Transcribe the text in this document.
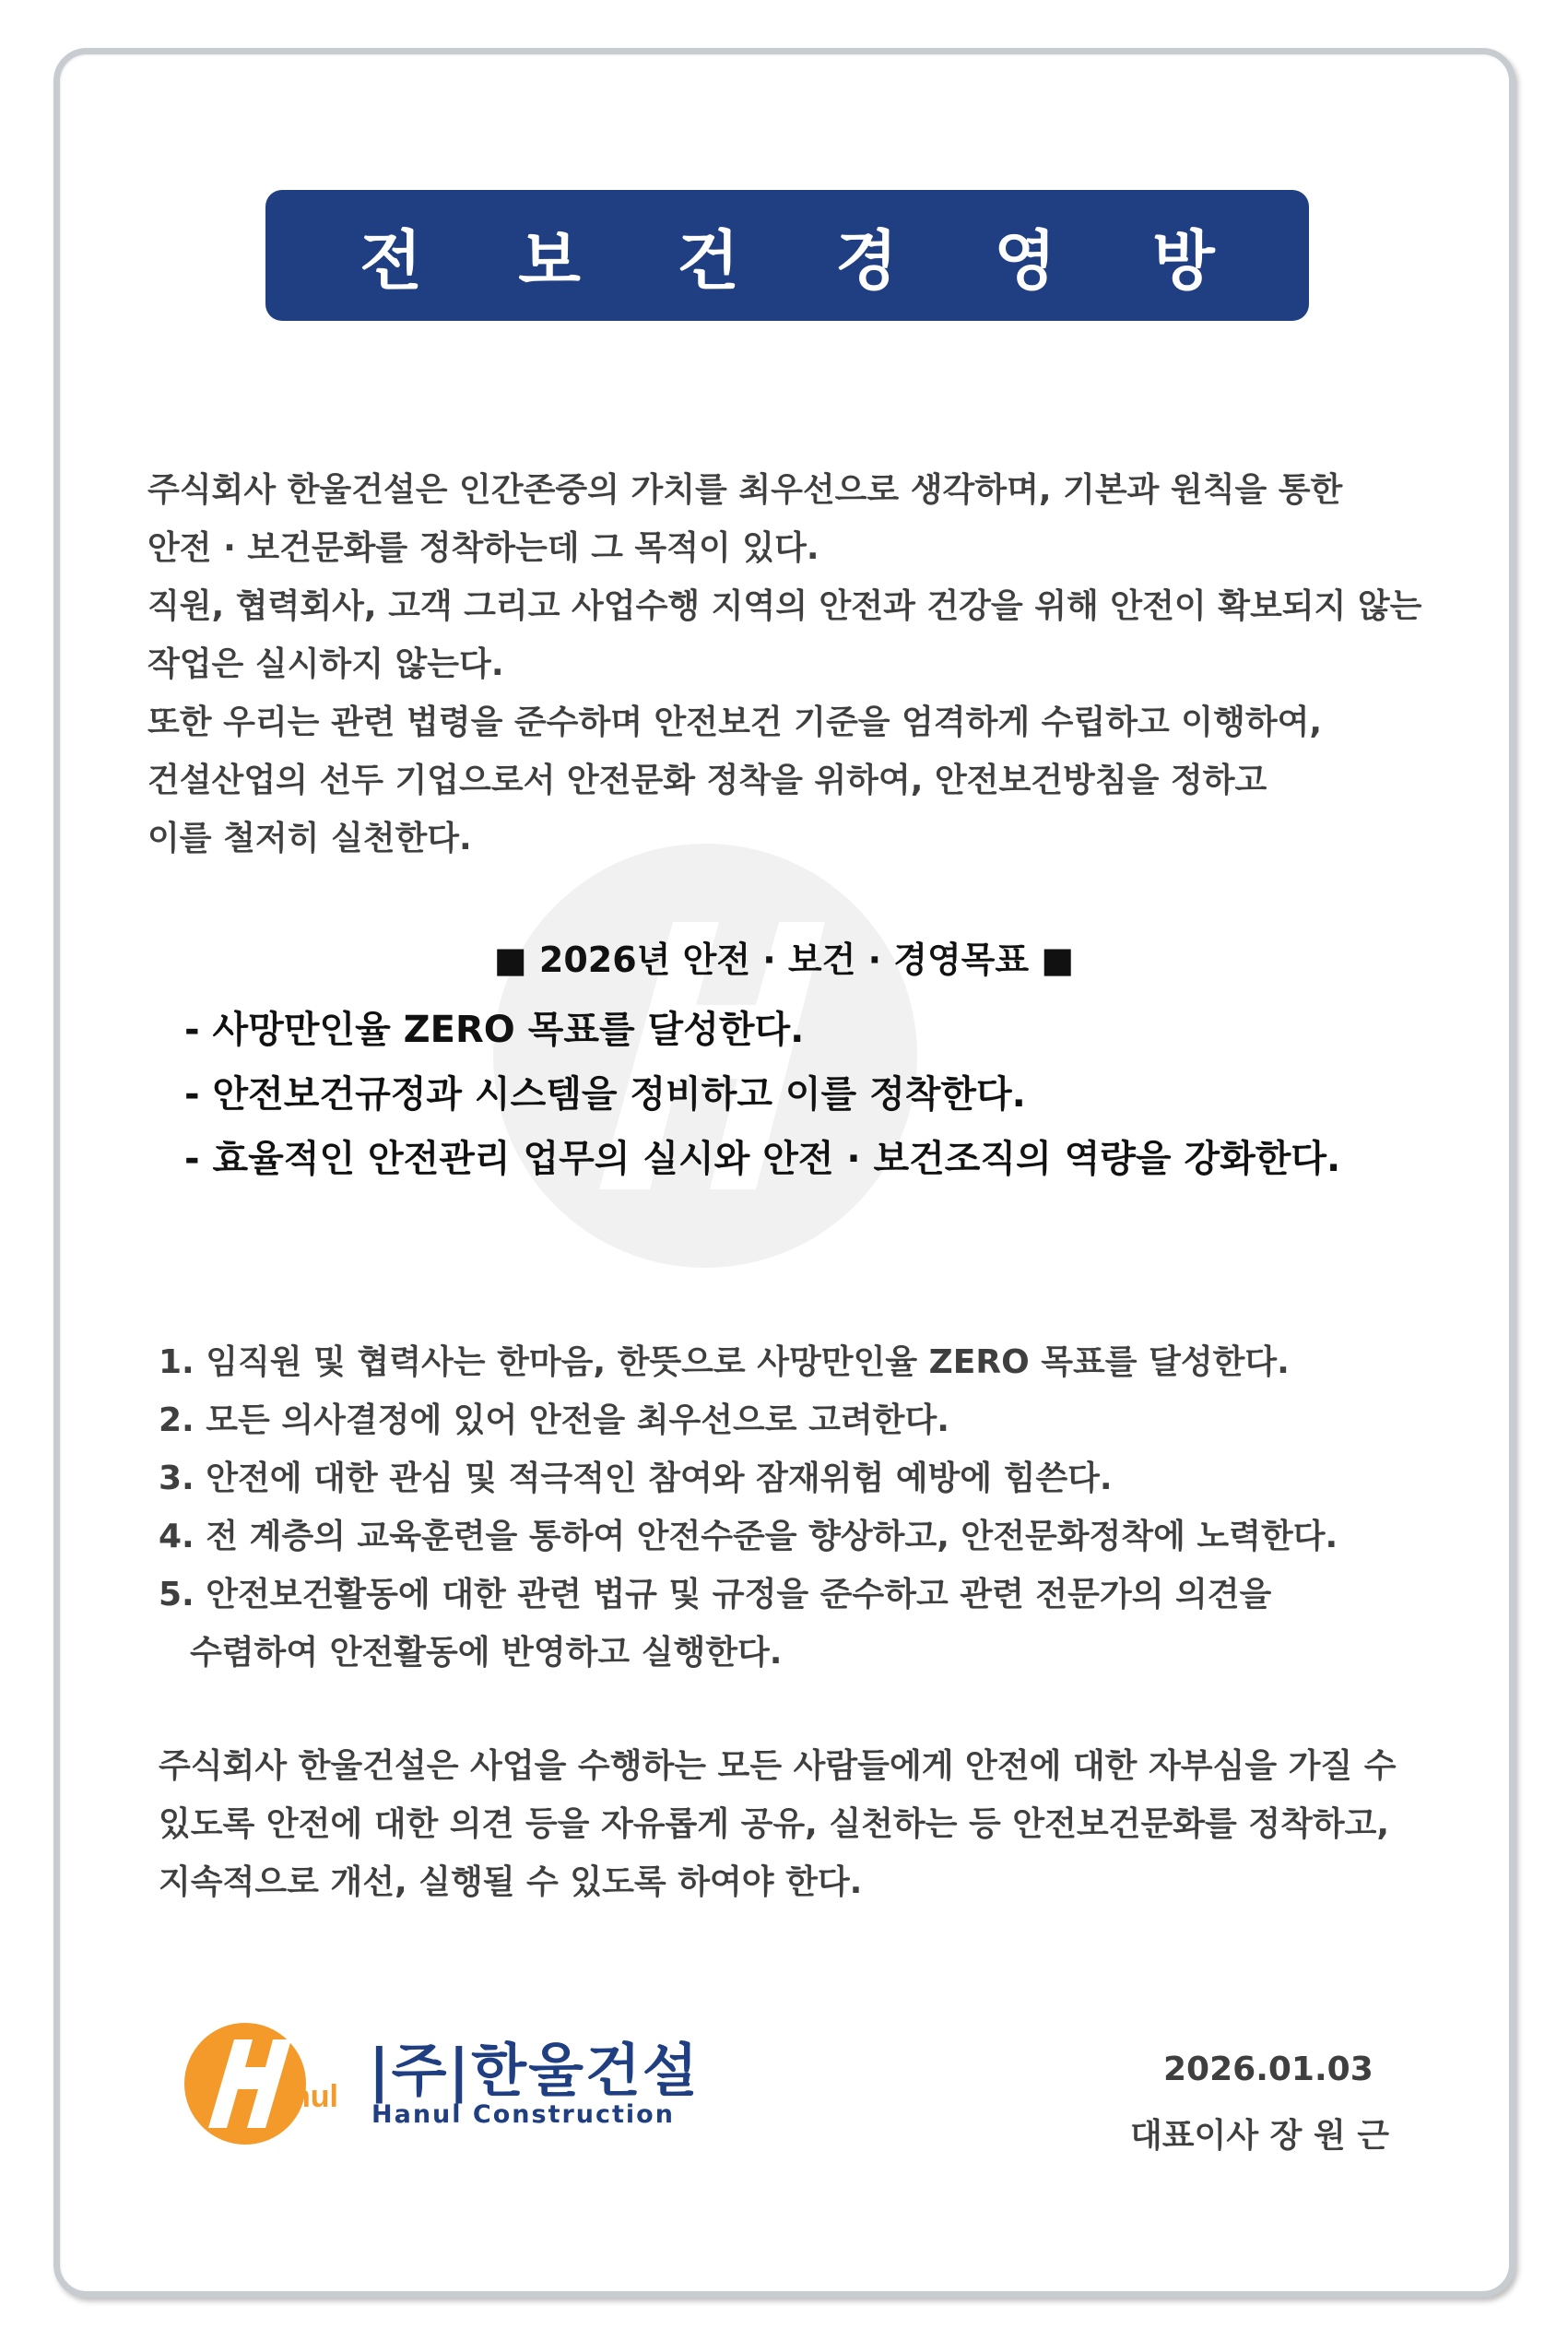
안 전 보 건 경 영 방 침

주식회사 한울건설은 인간존중의 가치를 최우선으로 생각하며, 기본과 원칙을 통한

안전 · 보건문화를 정착하는데 그 목적이 있다.

직원, 협력회사, 고객 그리고 사업수행 지역의 안전과 건강을 위해 안전이 확보되지 않는

작업은 실시하지 않는다.

또한 우리는 관련 법령을 준수하며 안전보건 기준을 엄격하게 수립하고 이행하여,

건설산업의 선두 기업으로서 안전문화 정착을 위하여, 안전보건방침을 정하고

이를 철저히 실천한다.

■ 2026년 안전 · 보건 · 경영목표 ■

- 사망만인율 ZERO 목표를 달성한다.

- 안전보건규정과 시스템을 정비하고 이를 정착한다.

- 효율적인 안전관리 업무의 실시와 안전 · 보건조직의 역량을 강화한다.

1. 임직원 및 협력사는 한마음, 한뜻으로 사망만인율 ZERO 목표를 달성한다.

2. 모든 의사결정에 있어 안전을 최우선으로 고려한다.

3. 안전에 대한 관심 및 적극적인 참여와 잠재위험 예방에 힘쓴다.

4. 전 계층의 교육훈련을 통하여 안전수준을 향상하고, 안전문화정착에 노력한다.

5. 안전보건활동에 대한 관련 법규 및 규정을 준수하고 관련 전문가의 의견을

수렴하여 안전활동에 반영하고 실행한다.

주식회사 한울건설은 사업을 수행하는 모든 사람들에게 안전에 대한 자부심을 가질 수

있도록 안전에 대한 의견 등을 자유롭게 공유, 실천하는 등 안전보건문화를 정착하고,

지속적으로 개선, 실행될 수 있도록 하여야 한다.

nul |주|한울건설
Hanul Construction
2026.01.03
대표이사 장 원 근
